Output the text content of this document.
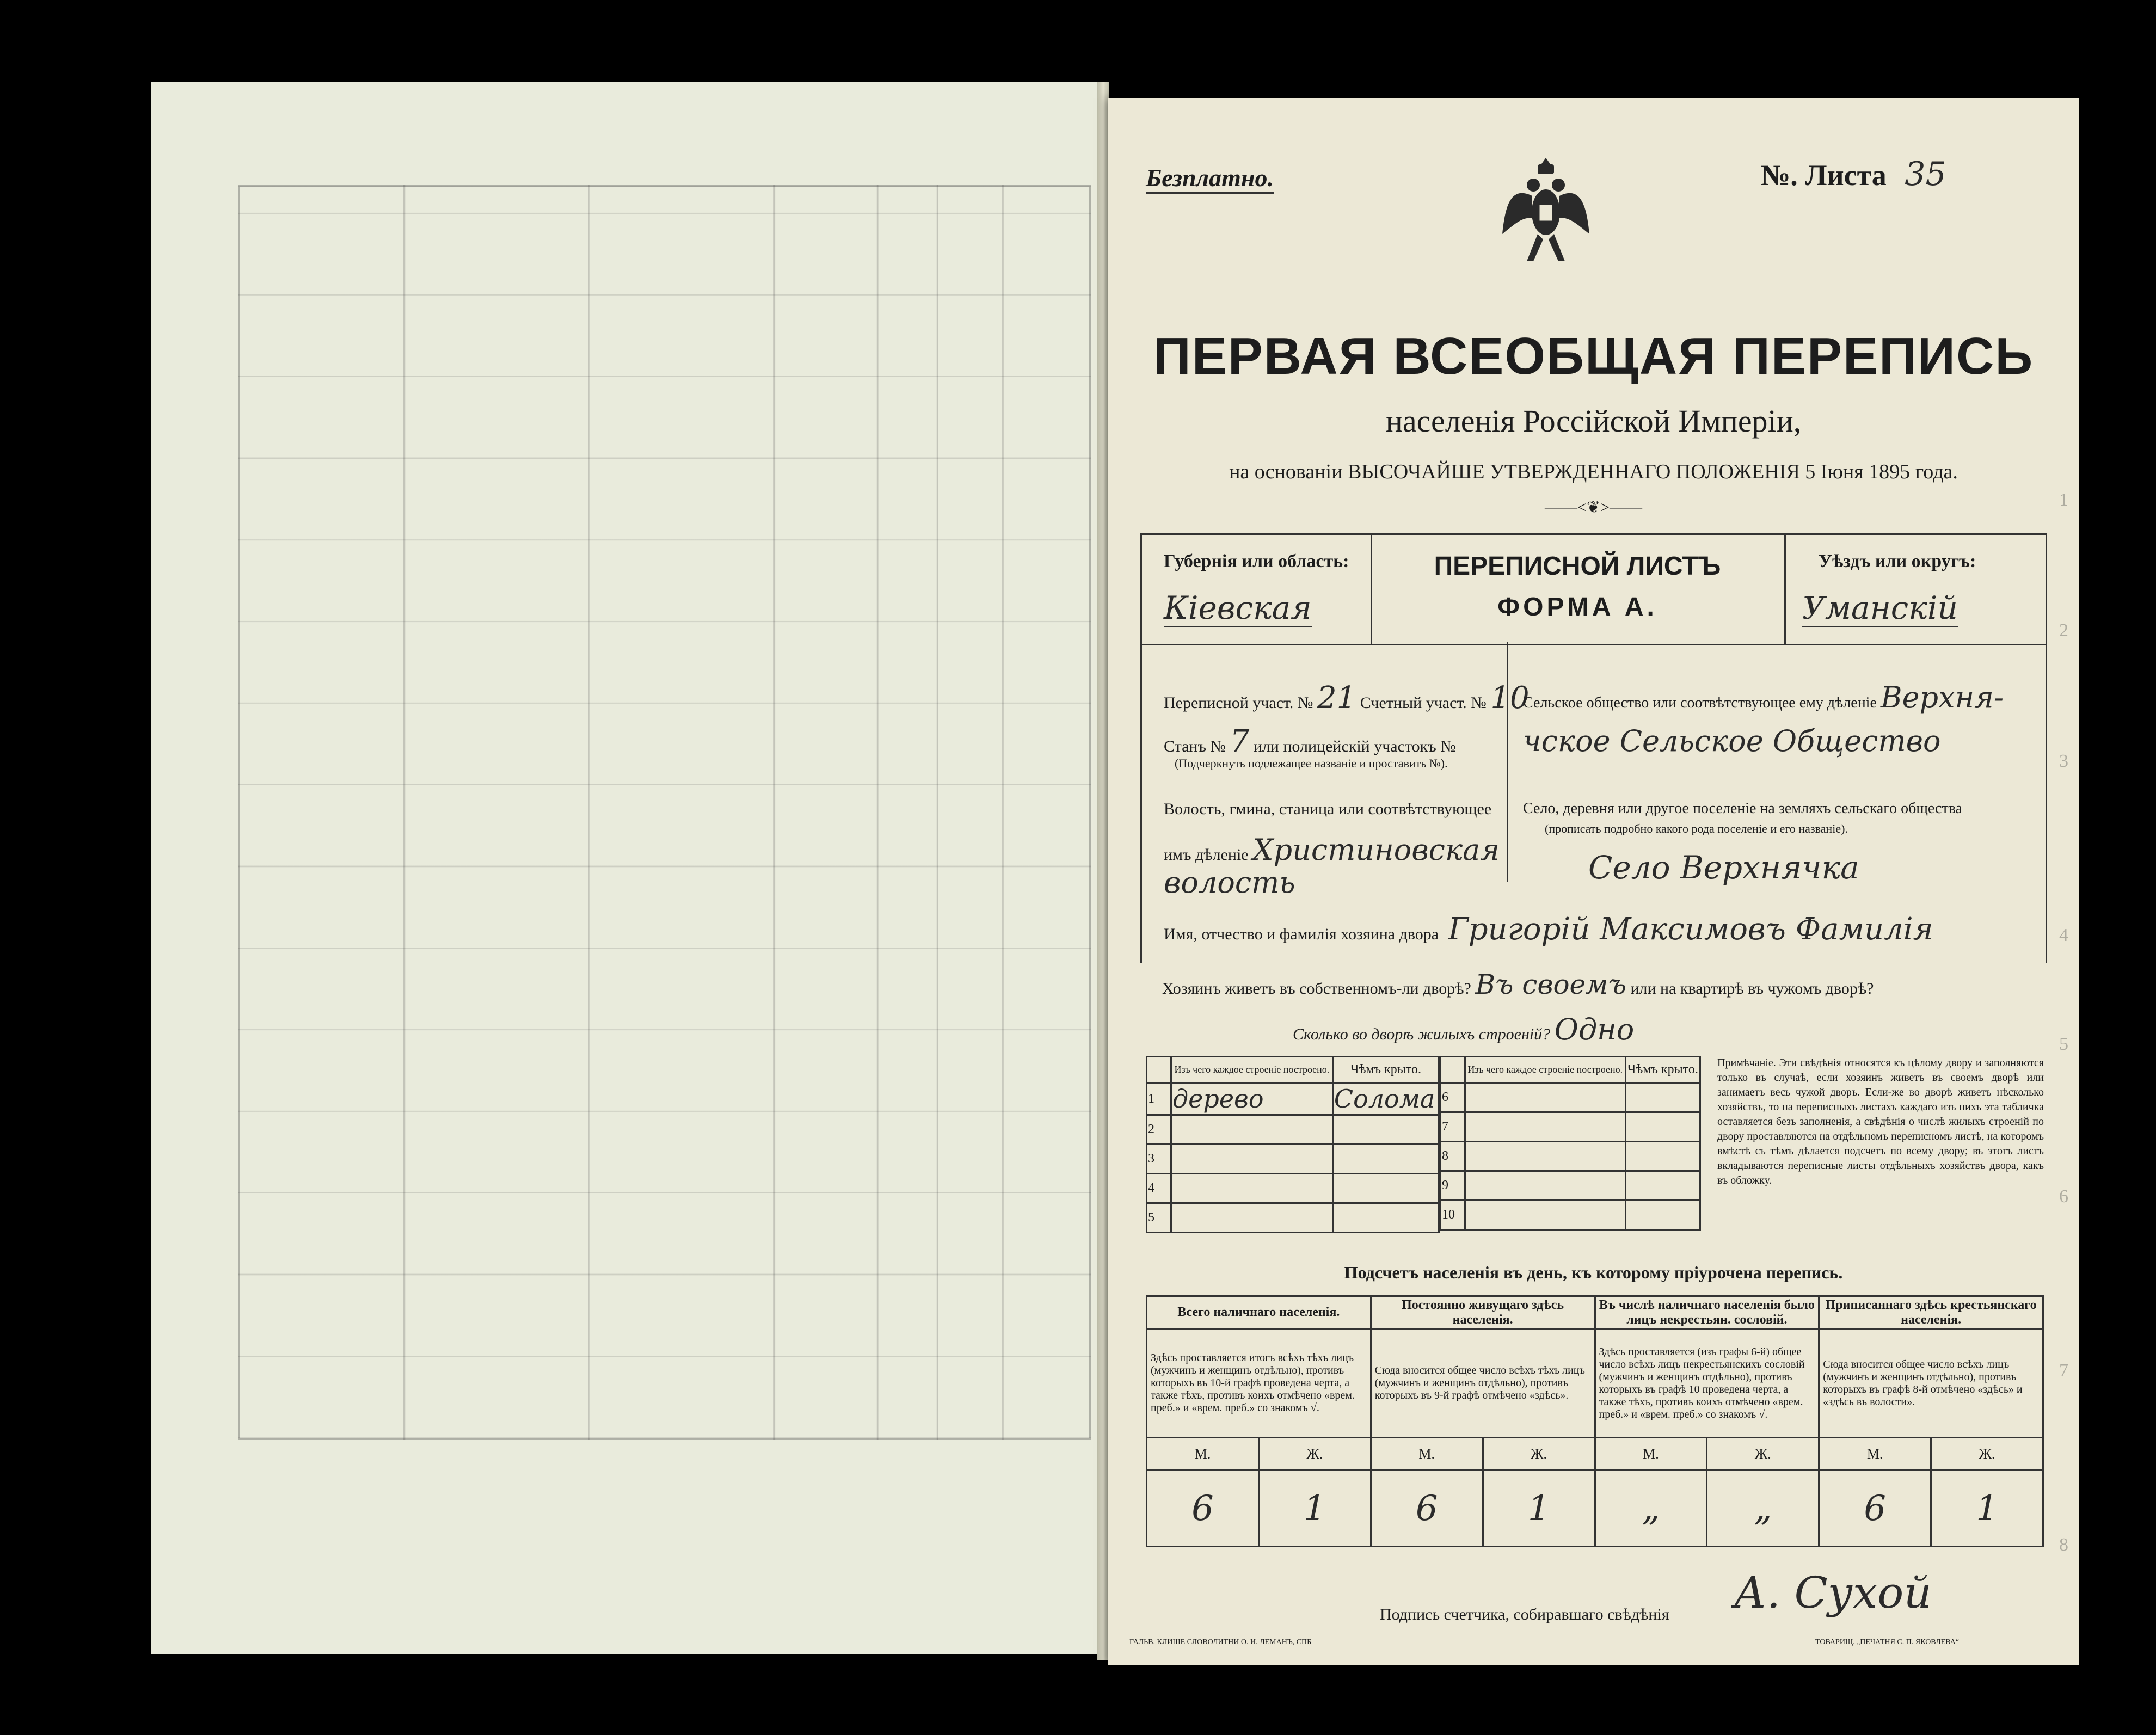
Безплатно.	№. Листа 35
ПЕРВАЯ ВСЕОБЩАЯ ПЕРЕПИСЬ
населенія Россійской Имперіи,
на основаніи ВЫСОЧАЙШЕ УТВЕРЖДЕННАГО ПОЛОЖЕНІЯ 5 Іюня 1895 года.
——<❦>——
Губернія или область:
Кіевская
ПЕРЕПИСНОЙ ЛИСТЪ
ФОРМА А.
Уѣздъ или округъ:
Уманскій
Переписной участ. № 21 Счетный участ. № 10
Станъ № 7 или полицейскій участокъ №
(Подчеркнуть подлежащее названіе и проставить №).
Волость, гмина, станица или соотвѣтствующее
имъ дѣленіе Христиновская
волость
Сельское общество или соотвѣтствующее ему дѣленіе Верхня-
чское Сельское Общество
Село, деревня или другое поселеніе на земляхъ сельскаго общества
(прописать подробно какого рода поселеніе и его названіе).
Село Верхнячка
Имя, отчество и фамилія хозяина двора Григорій Максимовъ Фамилія
Хозяинъ живетъ въ собственномъ-ли дворѣ? Въ своемъ или на квартирѣ въ чужомъ дворѣ?
Сколько во дворѣ жилыхъ строеній? Одно
	Изъ чего каждое строеніе построено.	Чѣмъ крыто.
1	дерево	Солома
2		
3		
4		
5		
	Изъ чего каждое строеніе построено.	Чѣмъ крыто.
6		
7		
8		
9		
10		
Примѣчаніе. Эти свѣдѣнія относятся къ цѣлому двору и заполняются только въ случаѣ, если хозяинъ живетъ въ своемъ дворѣ или занимаетъ весь чужой дворъ. Если-же во дворѣ живетъ нѣсколько хозяйствъ, то на переписныхъ листахъ каждаго изъ нихъ эта табличка оставляется безъ заполненія, а свѣдѣнія о числѣ жилыхъ строеній по двору проставляются на отдѣльномъ переписномъ листѣ, на которомъ вмѣстѣ съ тѣмъ дѣлается подсчетъ по всему двору; въ этотъ листъ вкладываются переписные листы отдѣльныхъ хозяйствъ двора, какъ въ обложку.
Подсчетъ населенія въ день, къ которому пріурочена перепись.
Всего наличнаго населенія.		Постоянно живущаго здѣсь населенія.		Въ числѣ наличнаго населенія было лицъ некрестьян. сословій.		Приписаннаго здѣсь крестьянскаго населенія.	
Здѣсь проставляется итогъ всѣхъ тѣхъ лицъ (мужчинъ и женщинъ отдѣльно), противъ которыхъ въ 10-й графѣ проведена черта, а также тѣхъ, противъ коихъ отмѣчено «врем. преб.» и «врем. преб.» со знакомъ √.		Сюда вносится общее число всѣхъ тѣхъ лицъ (мужчинъ и женщинъ отдѣльно), противъ которыхъ въ 9-й графѣ отмѣчено «здѣсь».		Здѣсь проставляется (изъ графы 6-й) общее число всѣхъ лицъ некрестьянскихъ сословій (мужчинъ и женщинъ отдѣльно), противъ которыхъ въ графѣ 10 проведена черта, а также тѣхъ, противъ коихъ отмѣчено «врем. преб.» и «врем. преб.» со знакомъ √.		Сюда вносится общее число всѣхъ лицъ (мужчинъ и женщинъ отдѣльно), противъ которыхъ въ графѣ 8-й отмѣчено «здѣсь» и «здѣсь въ волости».	
М.	Ж.	М.	Ж.	М.	Ж.	М.	Ж.
6	1	6	1	„	„	6	1
Подпись счетчика, собиравшаго свѣдѣнія А. Сухой
ГАЛЬВ. КЛИШЕ СЛОВОЛИТНИ О. И. ЛЕМАНЪ, СПБ	ТОВАРИЩ. „ПЕЧАТНЯ С. П. ЯКОВЛЕВА“
1
2
3
4
5
6
7
8
